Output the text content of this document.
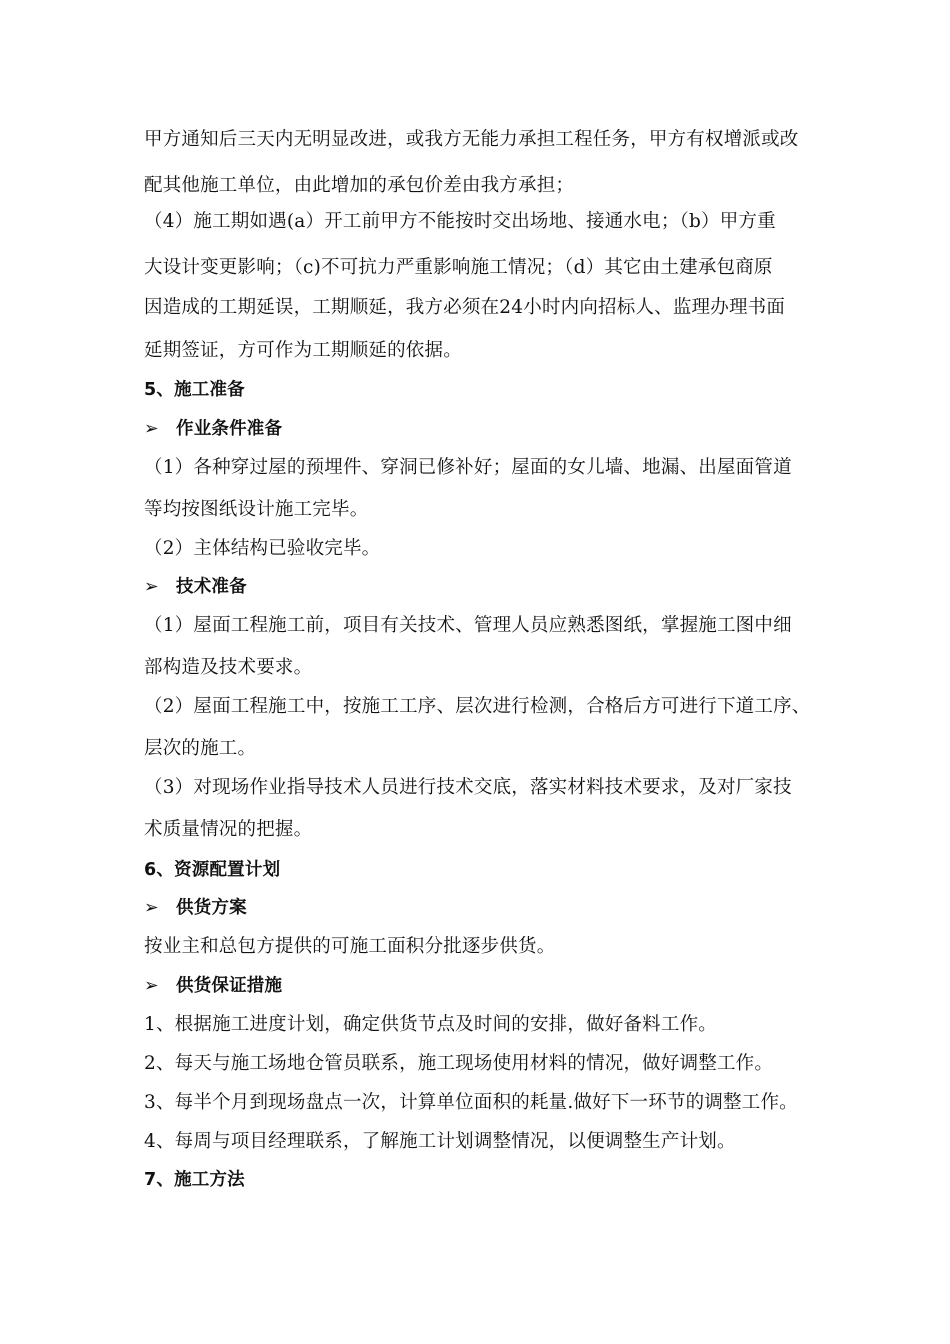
甲方通知后三天内无明显改进，或我方无能力承担工程任务，甲方有权增派或改
配其他施工单位，由此增加的承包价差由我方承担；
（4）施工期如遇(a）开工前甲方不能按时交出场地、接通水电；（b）甲方重
大设计变更影响；（c)不可抗力严重影响施工情况；（d）其它由土建承包商原
因造成的工期延误，工期顺延，我方必须在24小时内向招标人、监理办理书面
延期签证，方可作为工期顺延的依据。
5、施工准备
➢ 作业条件准备
（1）各种穿过屋的预埋件、穿洞已修补好；屋面的女儿墙、地漏、出屋面管道
等均按图纸设计施工完毕。
（2）主体结构已验收完毕。
➢ 技术准备
（1）屋面工程施工前，项目有关技术、管理人员应熟悉图纸，掌握施工图中细
部构造及技术要求。
（2）屋面工程施工中，按施工工序、层次进行检测，合格后方可进行下道工序、
层次的施工。
（3）对现场作业指导技术人员进行技术交底，落实材料技术要求，及对厂家技
术质量情况的把握。
6、资源配置计划
➢ 供货方案
按业主和总包方提供的可施工面积分批逐步供货。
➢ 供货保证措施
1、根据施工进度计划，确定供货节点及时间的安排，做好备料工作。
2、每天与施工场地仓管员联系，施工现场使用材料的情况，做好调整工作。
3、每半个月到现场盘点一次，计算单位面积的耗量.做好下一环节的调整工作。
4、每周与项目经理联系，了解施工计划调整情况，以便调整生产计划。
7、施工方法
